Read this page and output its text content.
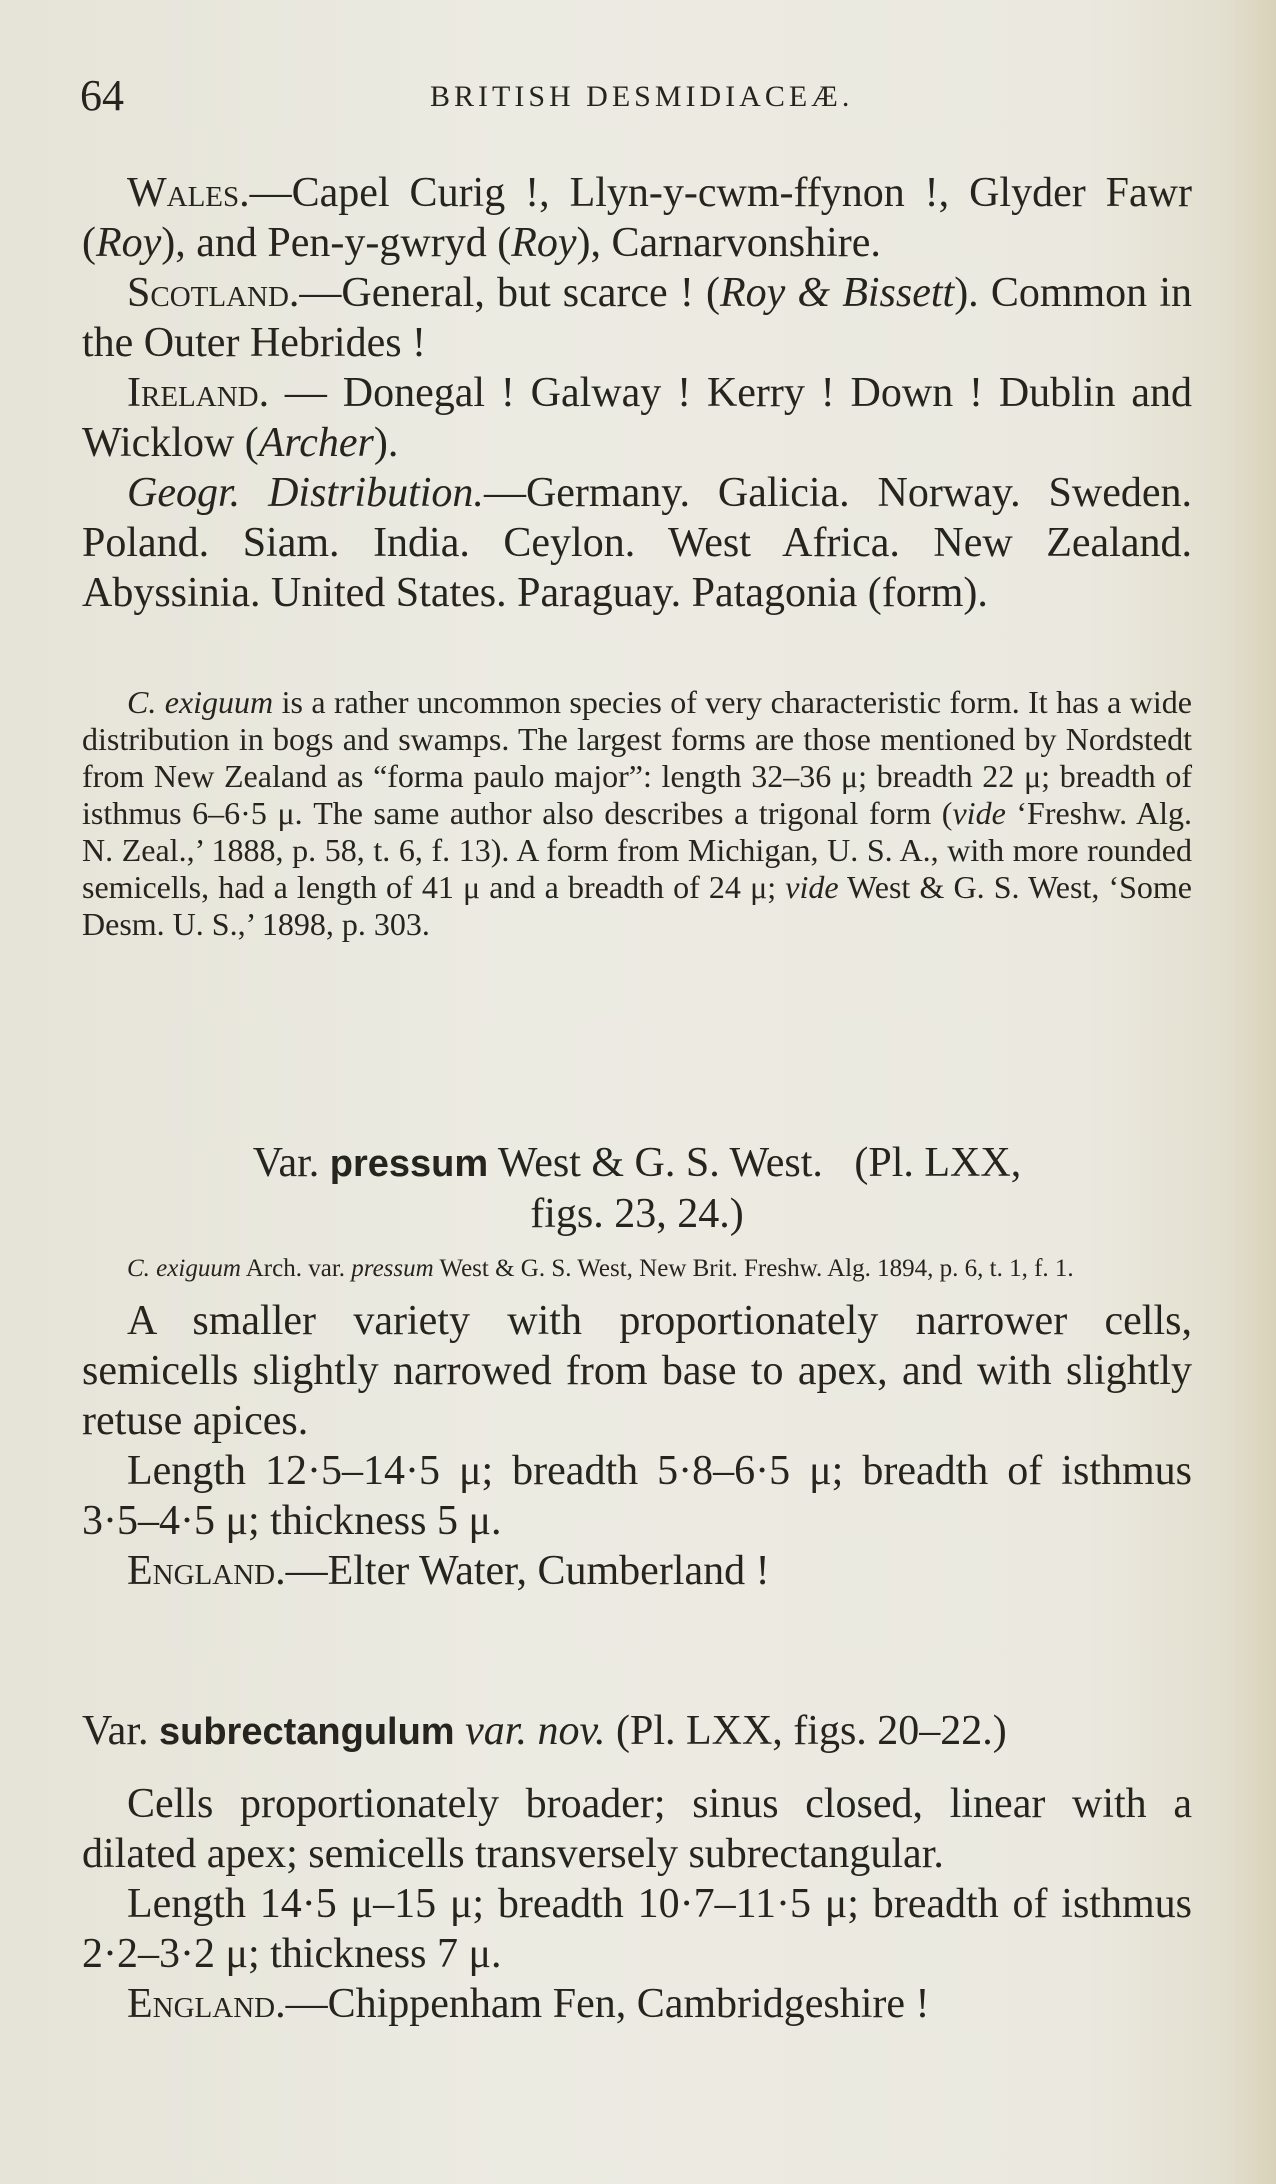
64	BRITISH DESMIDIACEÆ.

Wales.—Capel Curig !, Llyn-y-cwm-ffynon !, Glyder Fawr (Roy), and Pen-y-gwryd (Roy), Carnarvonshire.

Scotland.—General, but scarce ! (Roy & Bissett). Common in the Outer Hebrides !

Ireland. — Donegal ! Galway ! Kerry ! Down ! Dublin and Wicklow (Archer).

Geogr. Distribution.—Germany. Galicia. Norway. Sweden. Poland. Siam. India. Ceylon. West Africa. New Zealand. Abyssinia. United States. Paraguay. Patagonia (form).

C. exiguum is a rather uncommon species of very characteristic form. It has a wide distribution in bogs and swamps. The largest forms are those mentioned by Nordstedt from New Zealand as “forma paulo major”: length 32–36 μ; breadth 22 μ; breadth of isthmus 6–6·5 μ. The same author also describes a trigonal form (vide ‘Freshw. Alg. N. Zeal.,’ 1888, p. 58, t. 6, f. 13). A form from Michigan, U. S. A., with more rounded semicells, had a length of 41 μ and a breadth of 24 μ; vide West & G. S. West, ‘Some Desm. U. S.,’ 1898, p. 303.

Var. pressum West & G. S. West. (Pl. LXX,
figs. 23, 24.)

C. exiguum Arch. var. pressum West & G. S. West, New Brit. Freshw. Alg. 1894, p. 6, t. 1, f. 1.

A smaller variety with proportionately narrower cells, semicells slightly narrowed from base to apex, and with slightly retuse apices.

Length 12·5–14·5 μ; breadth 5·8–6·5 μ; breadth of isthmus 3·5–4·5 μ; thickness 5 μ.

England.—Elter Water, Cumberland !

Var. subrectangulum var. nov. (Pl. LXX, figs. 20–22.)

Cells proportionately broader; sinus closed, linear with a dilated apex; semicells transversely subrectangular.

Length 14·5 μ–15 μ; breadth 10·7–11·5 μ; breadth of isthmus 2·2–3·2 μ; thickness 7 μ.

England.—Chippenham Fen, Cambridgeshire !
